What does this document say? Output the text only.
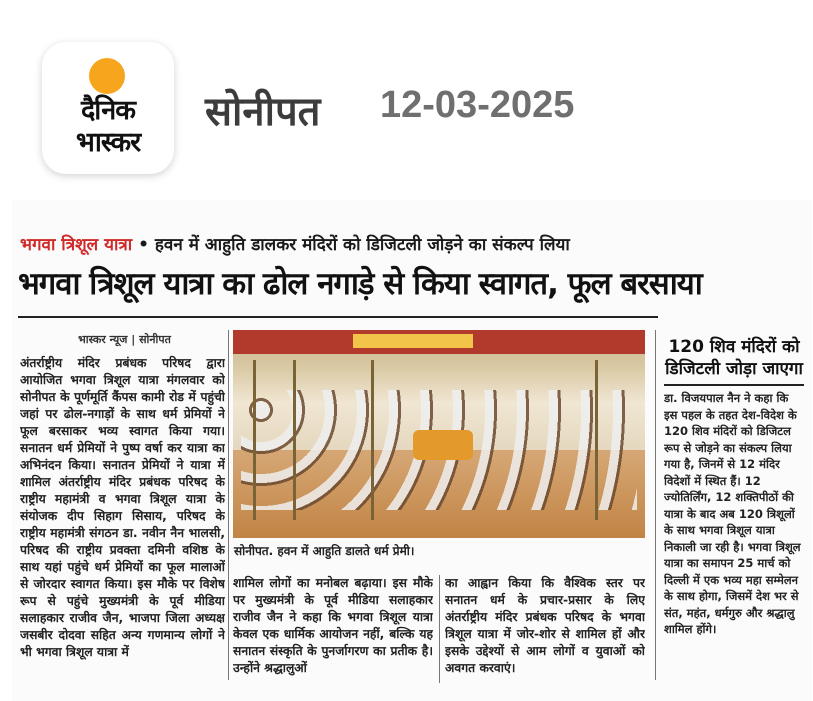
दैनिक
भास्कर
सोनीपत 12-03-2025
भगवा त्रिशूल यात्रा • हवन में आहुति डालकर मंदिरों को डिजिटली जोड़ने का संकल्प लिया
भगवा त्रिशूल यात्रा का ढोल नगाड़े से किया स्वागत, फूल बरसाया
भास्कर न्यूज | सोनीपत
अंतर्राष्ट्रीय मंदिर प्रबंधक परिषद द्वारा आयोजित भगवा त्रिशूल यात्रा मंगलवार को सोनीपत के पूर्णमूर्ति कैंपस कामी रोड में पहुंची जहां पर ढोल-नगाड़ों के साथ धर्म प्रेमियों ने फूल बरसाकर भव्य स्वागत किया गया। सनातन धर्म प्रेमियों ने पुष्प वर्षा कर यात्रा का अभिनंदन किया। सनातन प्रेमियों ने यात्रा में शामिल अंतर्राष्ट्रीय मंदिर प्रबंधक परिषद के राष्ट्रीय महामंत्री व भगवा त्रिशूल यात्रा के संयोजक दीप सिहाग सिसाय, परिषद के राष्ट्रीय महामंत्री संगठन डा. नवीन नैन भालसी, परिषद की राष्ट्रीय प्रवक्ता दमिनी वशिष्ठ के साथ यहां पहुंचे धर्म प्रेमियों का फूल मालाओं से जोरदार स्वागत किया। इस मौके पर विशेष रूप से पहुंचे मुख्यमंत्री के पूर्व मीडिया सलाहकार राजीव जैन, भाजपा जिला अध्यक्ष जसबीर दोदवा सहित अन्य गणमान्य लोगों ने भी भगवा त्रिशूल यात्रा में
सोनीपत. हवन में आहुति डालते धर्म प्रेमी।
शामिल लोगों का मनोबल बढ़ाया। इस मौके पर मुख्यमंत्री के पूर्व मीडिया सलाहकार राजीव जैन ने कहा कि भगवा त्रिशूल यात्रा केवल एक धार्मिक आयोजन नहीं, बल्कि यह सनातन संस्कृति के पुनर्जागरण का प्रतीक है। उन्होंने श्रद्धालुओं
का आह्वान किया कि वैश्विक स्तर पर सनातन धर्म के प्रचार-प्रसार के लिए अंतर्राष्ट्रीय मंदिर प्रबंधक परिषद के भगवा त्रिशूल यात्रा में जोर-शोर से शामिल हों और इसके उद्देश्यों से आम लोगों व युवाओं को अवगत करवाएं।
120 शिव मंदिरों को डिजिटली जोड़ा जाएगा
डा. विजयपाल नैन ने कहा कि इस पहल के तहत देश-विदेश के 120 शिव मंदिरों को डिजिटल रूप से जोड़ने का संकल्प लिया गया है, जिनमें से 12 मंदिर विदेशों में स्थित हैं। 12 ज्योतिर्लिंग, 12 शक्तिपीठों की यात्रा के बाद अब 120 त्रिशूलों के साथ भगवा त्रिशूल यात्रा निकाली जा रही है। भगवा त्रिशूल यात्रा का समापन 25 मार्च को दिल्ली में एक भव्य महा सम्मेलन के साथ होगा, जिसमें देश भर से संत, महंत, धर्मगुरु और श्रद्धालु शामिल होंगे।
